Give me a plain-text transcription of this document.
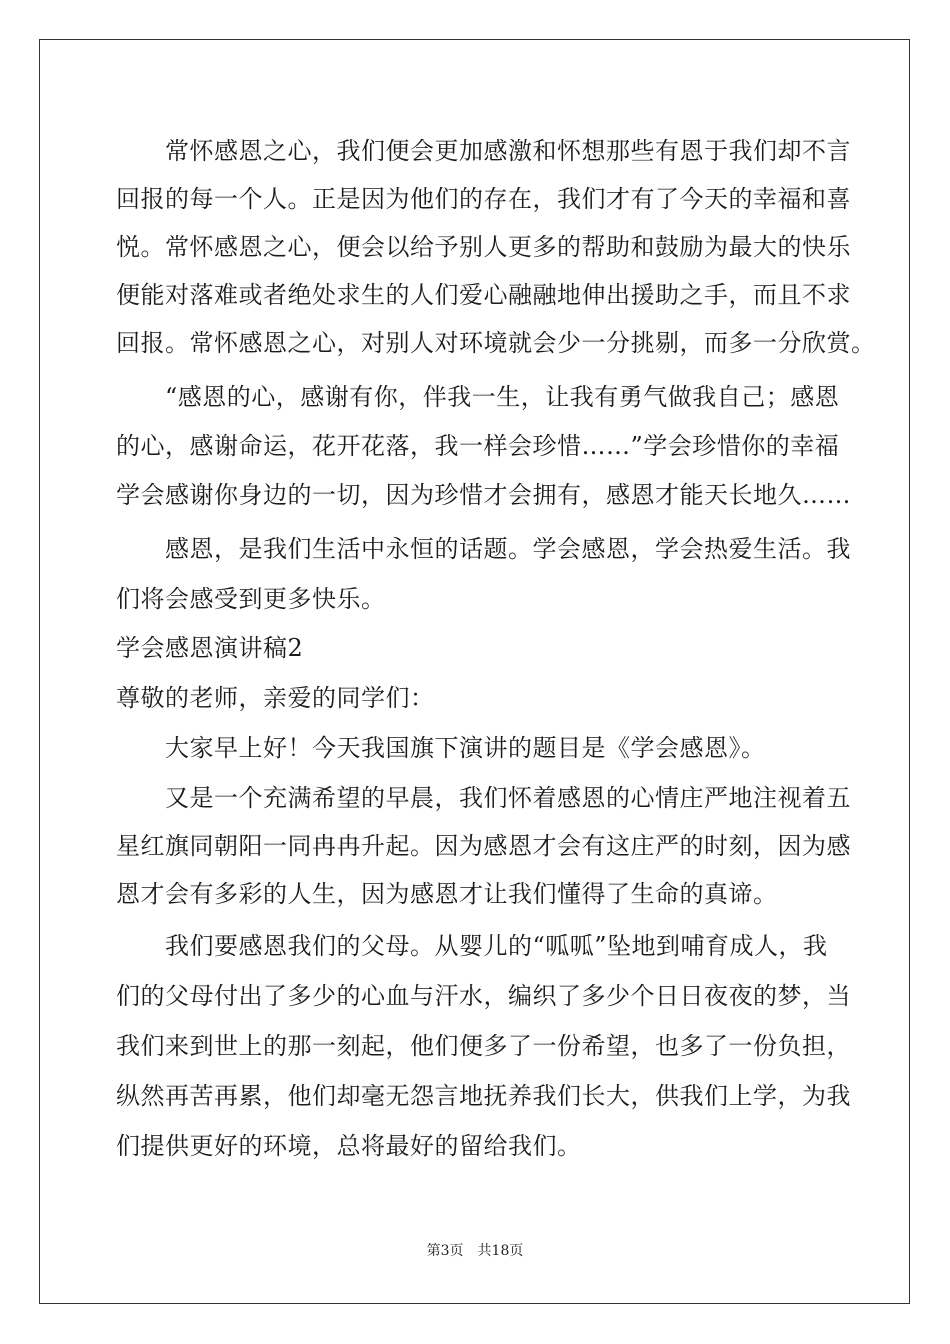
　　常怀感恩之心，我们便会更加感激和怀想那些有恩于我们却不言
回报的每一个人。正是因为他们的存在，我们才有了今天的幸福和喜
悦。常怀感恩之心，便会以给予别人更多的帮助和鼓励为最大的快乐
便能对落难或者绝处求生的人们爱心融融地伸出援助之手，而且不求
回报。常怀感恩之心，对别人对环境就会少一分挑剔，而多一分欣赏。
　　“感恩的心，感谢有你，伴我一生，让我有勇气做我自己；感恩
的心，感谢命运，花开花落，我一样会珍惜……”学会珍惜你的幸福
学会感谢你身边的一切，因为珍惜才会拥有，感恩才能天长地久……
　　感恩，是我们生活中永恒的话题。学会感恩，学会热爱生活。我
们将会感受到更多快乐。
学会感恩演讲稿2
尊敬的老师，亲爱的同学们：
　　大家早上好！今天我国旗下演讲的题目是《学会感恩》。
　　又是一个充满希望的早晨，我们怀着感恩的心情庄严地注视着五
星红旗同朝阳一同冉冉升起。因为感恩才会有这庄严的时刻，因为感
恩才会有多彩的人生，因为感恩才让我们懂得了生命的真谛。
　　我们要感恩我们的父母。从婴儿的“呱呱”坠地到哺育成人，我
们的父母付出了多少的心血与汗水，编织了多少个日日夜夜的梦，当
我们来到世上的那一刻起，他们便多了一份希望，也多了一份负担，
纵然再苦再累，他们却毫无怨言地抚养我们长大，供我们上学，为我
们提供更好的环境，总将最好的留给我们。
第3页　共18页
